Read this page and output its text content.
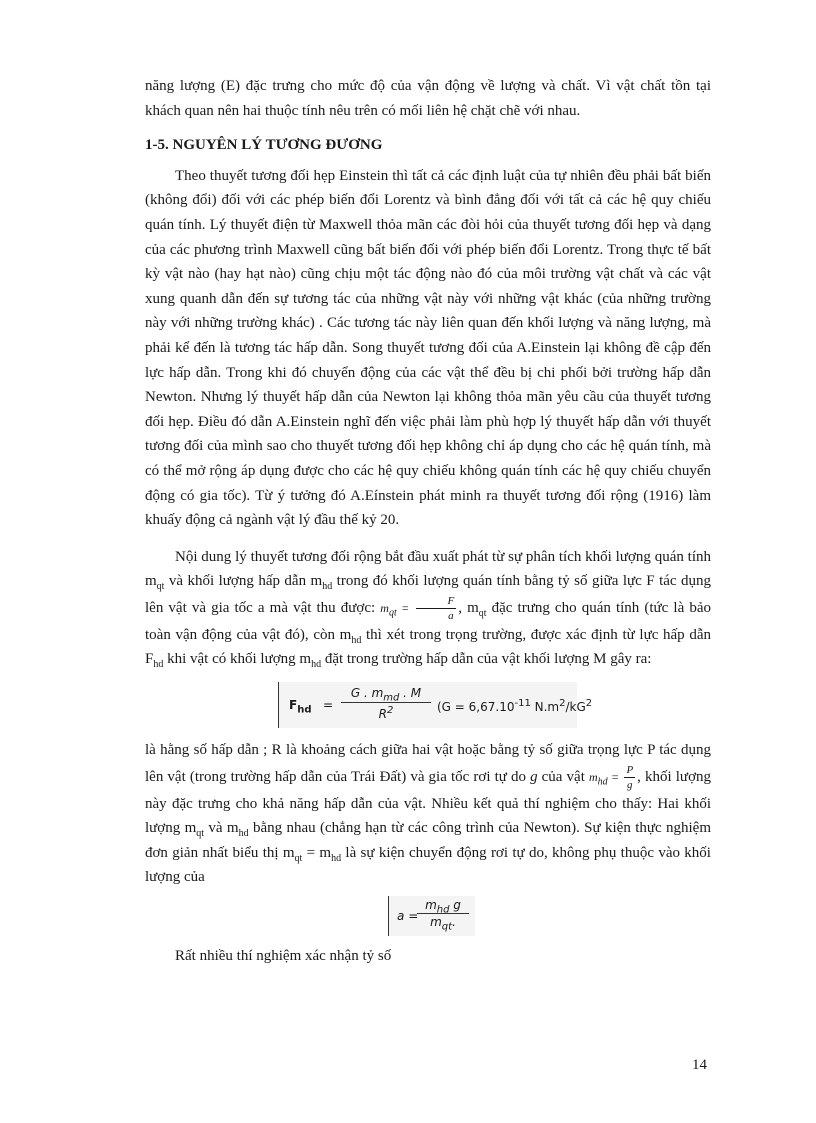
năng lượng (E) đặc trưng cho mức độ của vận động về lượng và chất. Vì vật chất tồn tại khách quan nên hai thuộc tính nêu trên có mối liên hệ chặt chẽ với nhau.

1-5. NGUYÊN LÝ TƯƠNG ĐƯƠNG

Theo thuyết tương đối hẹp Einstein thì tất cả các định luật của tự nhiên đều phải bất biến (không đổi) đối với các phép biến đổi Lorentz và bình đẳng đối với tất cả các hệ quy chiếu quán tính. Lý thuyết điện từ Maxwell thỏa mãn các đòi hỏi của thuyết tương đối hẹp và dạng của các phương trình Maxwell cũng bất biến đối với phép biến đổi Lorentz. Trong thực tế bất kỳ vật nào (hay hạt nào) cũng chịu một tác động nào đó của môi trường vật chất và các vật xung quanh dẫn đến sự tương tác của những vật này với những vật khác (của những trường này với những trường khác) . Các tương tác này liên quan đến khối lượng và năng lượng, mà phải kể đến là tương tác hấp dẫn. Song thuyết tương đối của A.Einstein lại không đề cập đến lực hấp dẫn. Trong khi đó chuyển động của các vật thể đều bị chi phối bởi trường hấp dẫn Newton. Nhưng lý thuyết hấp dẫn của Newton lại không thỏa mãn yêu cầu của thuyết tương đối hẹp. Điều đó dẫn A.Einstein nghĩ đến việc phải làm phù hợp lý thuyết hấp dẫn với thuyết tương đối của mình sao cho thuyết tương đối hẹp không chỉ áp dụng cho các hệ quán tính, mà có thể mở rộng áp dụng được cho các hệ quy chiếu không quán tính các hệ quy chiếu chuyển động có gia tốc). Từ ý tưởng đó A.Eínstein phát minh ra thuyết tương đối rộng (1916) làm khuấy động cả ngành vật lý đầu thế kỷ 20.

Nội dung lý thuyết tương đối rộng bắt đầu xuất phát từ sự phân tích khối lượng quán tính $m_{qt}$ và khối lượng hấp dẫn $m_{hd}$ trong đó khối lượng quán tính bằng tỷ số giữa lực F tác dụng lên vật và gia tốc a mà vật thu được: $m_{qt} = \frac{F}{a}$ , $m_{qt}$ đặc trưng cho quán tính (tức là bảo toàn vận động của vật đó), còn $m_{hd}$ thì xét trong trọng trường, được xác định từ lực hấp dẫn $F_{hd}$ khi vật có khối lượng $m_{hd}$ đặt trong trường hấp dẫn của vật khối lượng M gây ra:

$F_{hd}$ =
G . $m_{md}$ . M
$R^2$	($G = 6,67.10^{-11}$ $N.m^2/kG^2$

là hằng số hấp dẫn ; R là khoảng cách giữa hai vật hoặc bằng tỷ số giữa trọng lực P tác dụng lên vật (trong trường hấp dẫn của Trái Đất) và gia tốc rơi tự do g của vật $m_{hd} = \frac{P}{g}$ , khối lượng này đặc trưng cho khả năng hấp dẫn của vật. Nhiều kết quả thí nghiệm cho thấy: Hai khối lượng $m_{qt}$ và $m_{hd}$ bằng nhau (chẳng hạn từ các công trình của Newton). Sự kiện thực nghiệm đơn giản nhất biểu thị $m_{qt} = m_{hd}$ là sự kiện chuyển động rơi tự do, không phụ thuộc vào khối lượng của

a =
$m_{hd}$ g
$m_{qt}$.

Rất nhiều thí nghiệm xác nhận tỷ số

14
